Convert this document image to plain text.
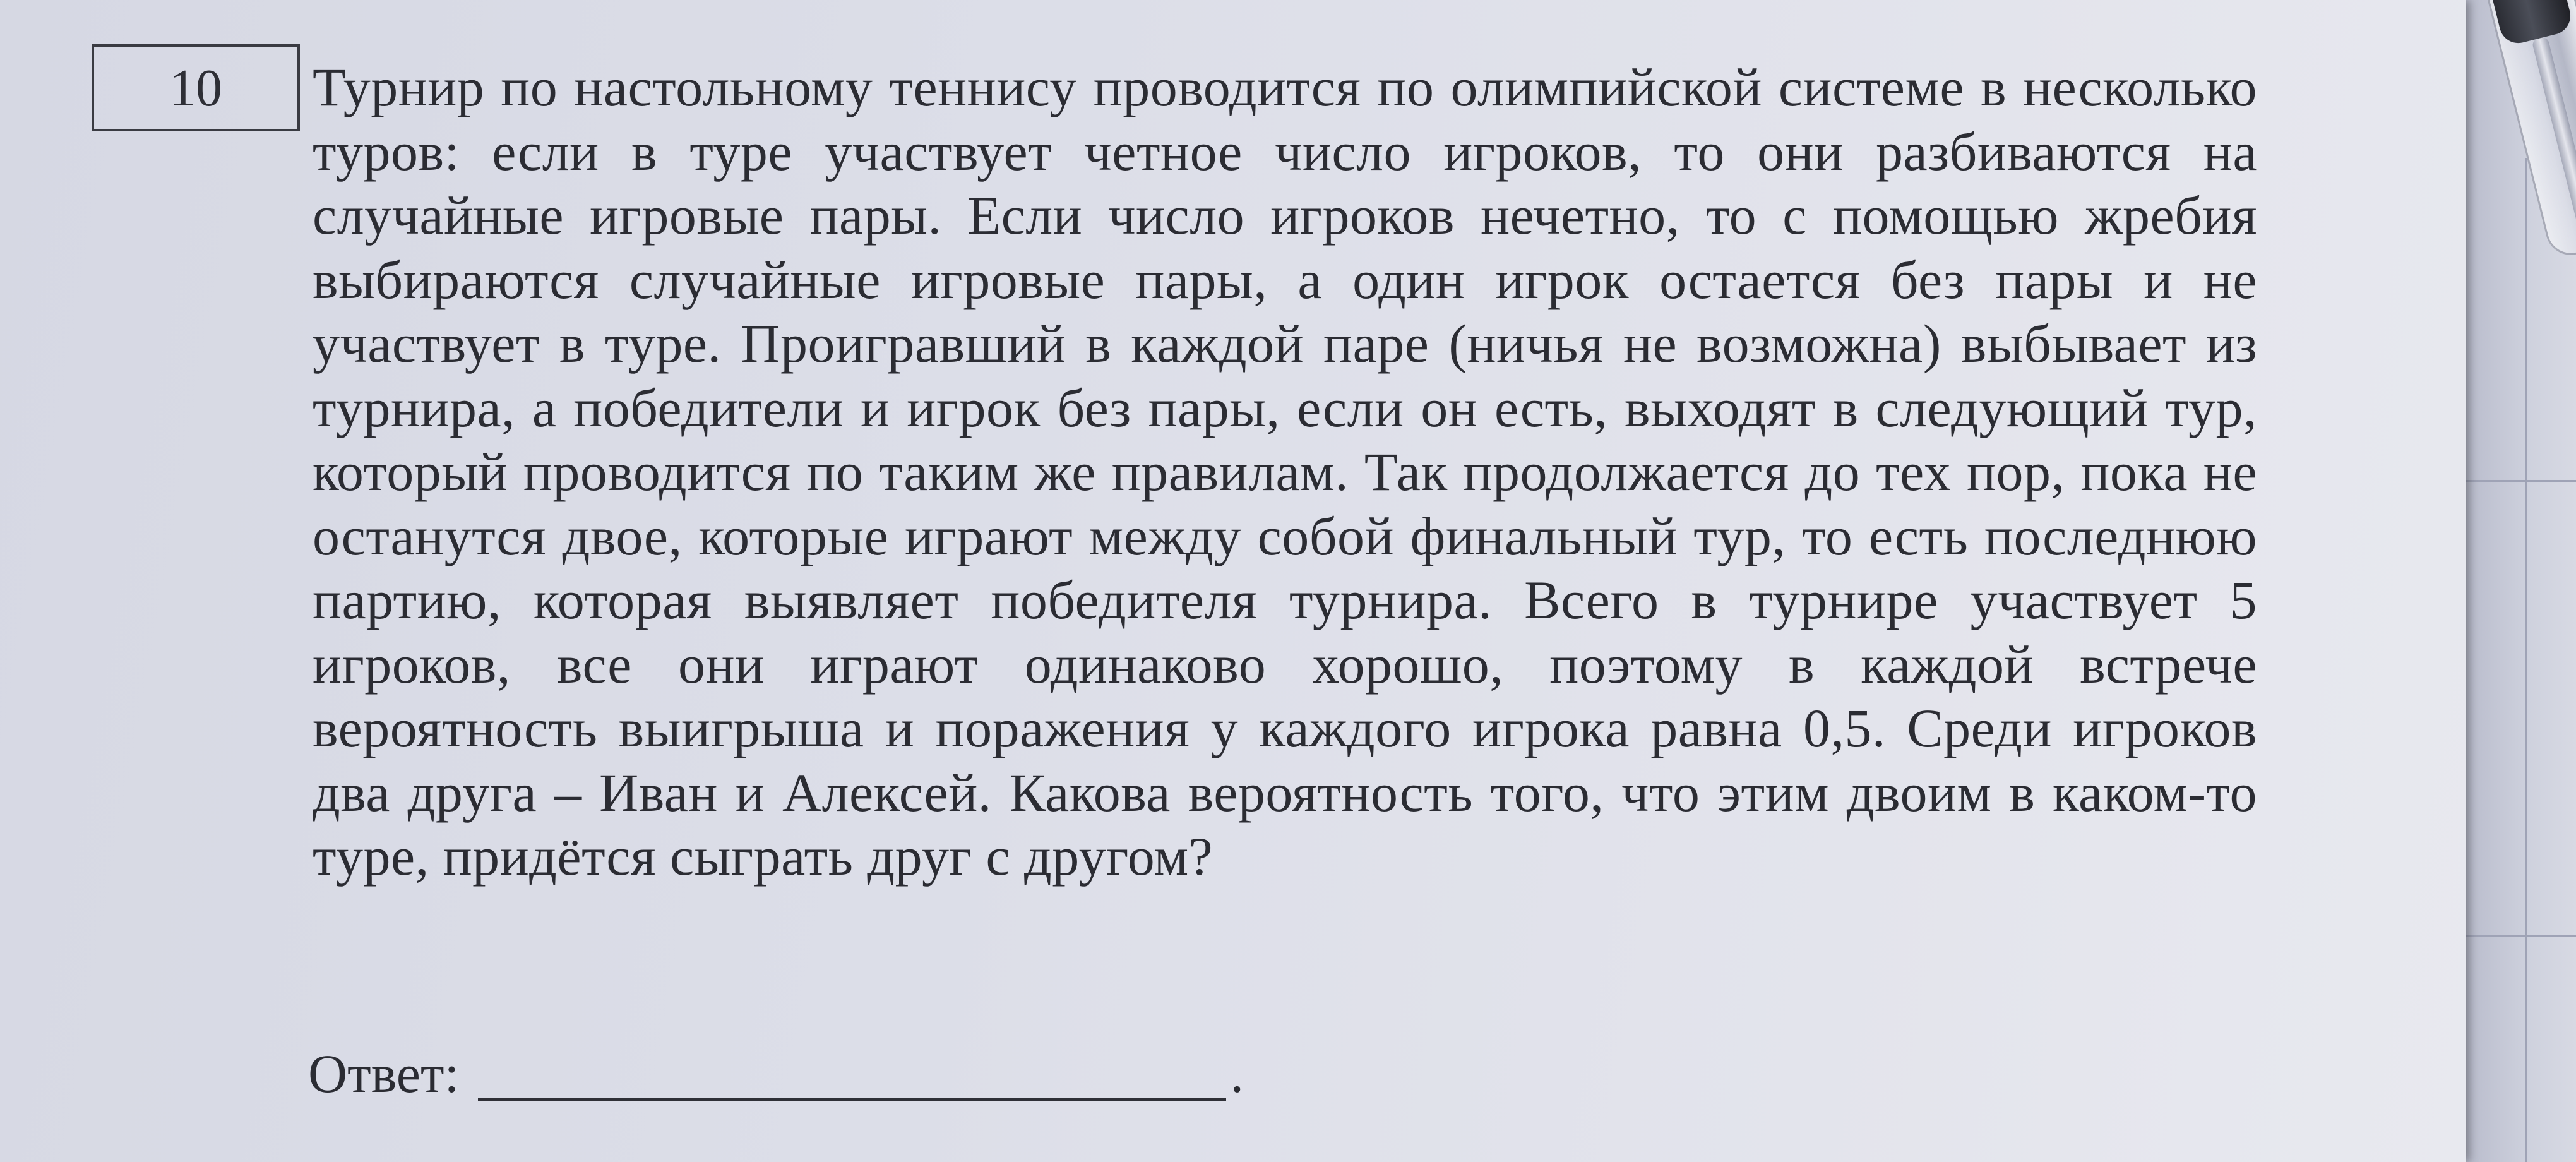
10 Турнир по настольному теннису проводится по олимпийской системе в несколько туров: если в туре участвует четное число игроков, то они разбиваются на случайные игровые пары. Если число игроков нечетно, то с помощью жребия выбираются случайные игровые пары, а один игрок остается без пары и не участвует в туре. Проигравший в каждой паре (ничья не возможна) выбывает из турнира, а победители и игрок без пары, если он есть, выходят в следующий тур, который проводится по таким же правилам. Так продолжается до тех пор, пока не останутся двое, которые играют между собой финальный тур, то есть последнюю партию, которая выявляет победителя турнира. Всего в турнире участвует 5 игроков, все они играют одинаково хорошо, поэтому в каждой встрече вероятность выигрыша и поражения у каждого игрока равна 0,5. Среди игроков два друга – Иван и Алексей. Какова вероятность того, что этим двоим в каком-то туре, придётся сыграть друг с другом?
Ответ:	.
